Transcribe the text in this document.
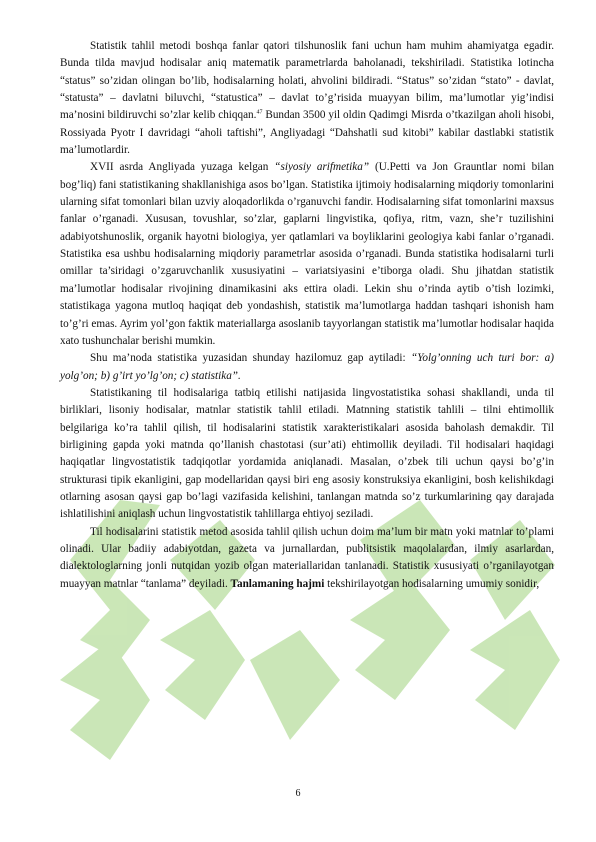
Statistik tahlil metodi boshqa fanlar qatori tilshunoslik fani uchun ham muhim ahamiyatga egadir. Bunda tilda mavjud hodisalar aniq matematik parametrlarda baholanadi, tekshiriladi. Statistika lotincha “status” so’zidan olingan bo’lib, hodisalarning holati, ahvolini bildiradi. “Status” so’zidan “stato” - davlat, “statusta” – davlatni biluvchi, “statustica” – davlat to’g’risida muayyan bilim, ma’lumotlar yig’indisi ma’nosini bildiruvchi so’zlar kelib chiqqan.$^{47}$ Bundan 3500 yil oldin Qadimgi Misrda o’tkazilgan aholi hisobi, Rossiyada Pyotr I davridagi “aholi taftishi”, Angliyadagi “Dahshatli sud kitobi” kabilar dastlabki statistik ma’lumotlardir.

XVII asrda Angliyada yuzaga kelgan “siyosiy arifmetika” (U.Petti va Jon Grauntlar nomi bilan bog’liq) fani statistikaning shakllanishiga asos bo’lgan. Statistika ijtimoiy hodisalarning miqdoriy tomonlarini ularning sifat tomonlari bilan uzviy aloqadorlikda o’rganuvchi fandir. Hodisalarning sifat tomonlarini maxsus fanlar o’rganadi. Xususan, tovushlar, so’zlar, gaplarni lingvistika, qofiya, ritm, vazn, she’r tuzilishini adabiyotshunoslik, organik hayotni biologiya, yer qatlamlari va boyliklarini geologiya kabi fanlar o’rganadi. Statistika esa ushbu hodisalarning miqdoriy parametrlar asosida o’rganadi. Bunda statistika hodisalarni turli omillar ta’siridagi o’zgaruvchanlik xususiyatini – variatsiyasini e’tiborga oladi. Shu jihatdan statistik ma’lumotlar hodisalar rivojining dinamikasini aks ettira oladi. Lekin shu o’rinda aytib o’tish lozimki, statistikaga yagona mutloq haqiqat deb yondashish, statistik ma’lumotlarga haddan tashqari ishonish ham to’g’ri emas. Ayrim yol’gon faktik materiallarga asoslanib tayyorlangan statistik ma’lumotlar hodisalar haqida xato tushunchalar berishi mumkin.

Shu ma’noda statistika yuzasidan shunday hazilomuz gap aytiladi: “Yolg’onning uch turi bor: a) yolg’on; b) g’irt yo’lg’on; c) statistika”.

Statistikaning til hodisalariga tatbiq etilishi natijasida lingvostatistika sohasi shakllandi, unda til birliklari, lisoniy hodisalar, matnlar statistik tahlil etiladi. Matnning statistik tahlili – tilni ehtimollik belgilariga ko’ra tahlil qilish, til hodisalarini statistik xarakteristikalari asosida baholash demakdir. Til birligining gapda yoki matnda qo’llanish chastotasi (sur’ati) ehtimollik deyiladi. Til hodisalari haqidagi haqiqatlar lingvostatistik tadqiqotlar yordamida aniqlanadi. Masalan, o’zbek tili uchun qaysi bo’g’in strukturasi tipik ekanligini, gap modellaridan qaysi biri eng asosiy konstruksiya ekanligini, bosh kelishikdagi otlarning asosan qaysi gap bo’lagi vazifasida kelishini, tanlangan matnda so’z turkumlarining qay darajada ishlatilishini aniqlash uchun lingvostatistik tahlillarga ehtiyoj seziladi.

Til hodisalarini statistik metod asosida tahlil qilish uchun doim ma’lum bir matn yoki matnlar to’plami olinadi. Ular badiiy adabiyotdan, gazeta va jurnallardan, publitsistik maqolalardan, ilmiy asarlardan, dialektologlarning jonli nutqidan yozib olgan materiallaridan tanlanadi. Statistik xususiyati o’rganilayotgan muayyan matnlar “tanlama” deyiladi. Tanlamaning hajmi tekshirilayotgan hodisalarning umumiy sonidir,

6
